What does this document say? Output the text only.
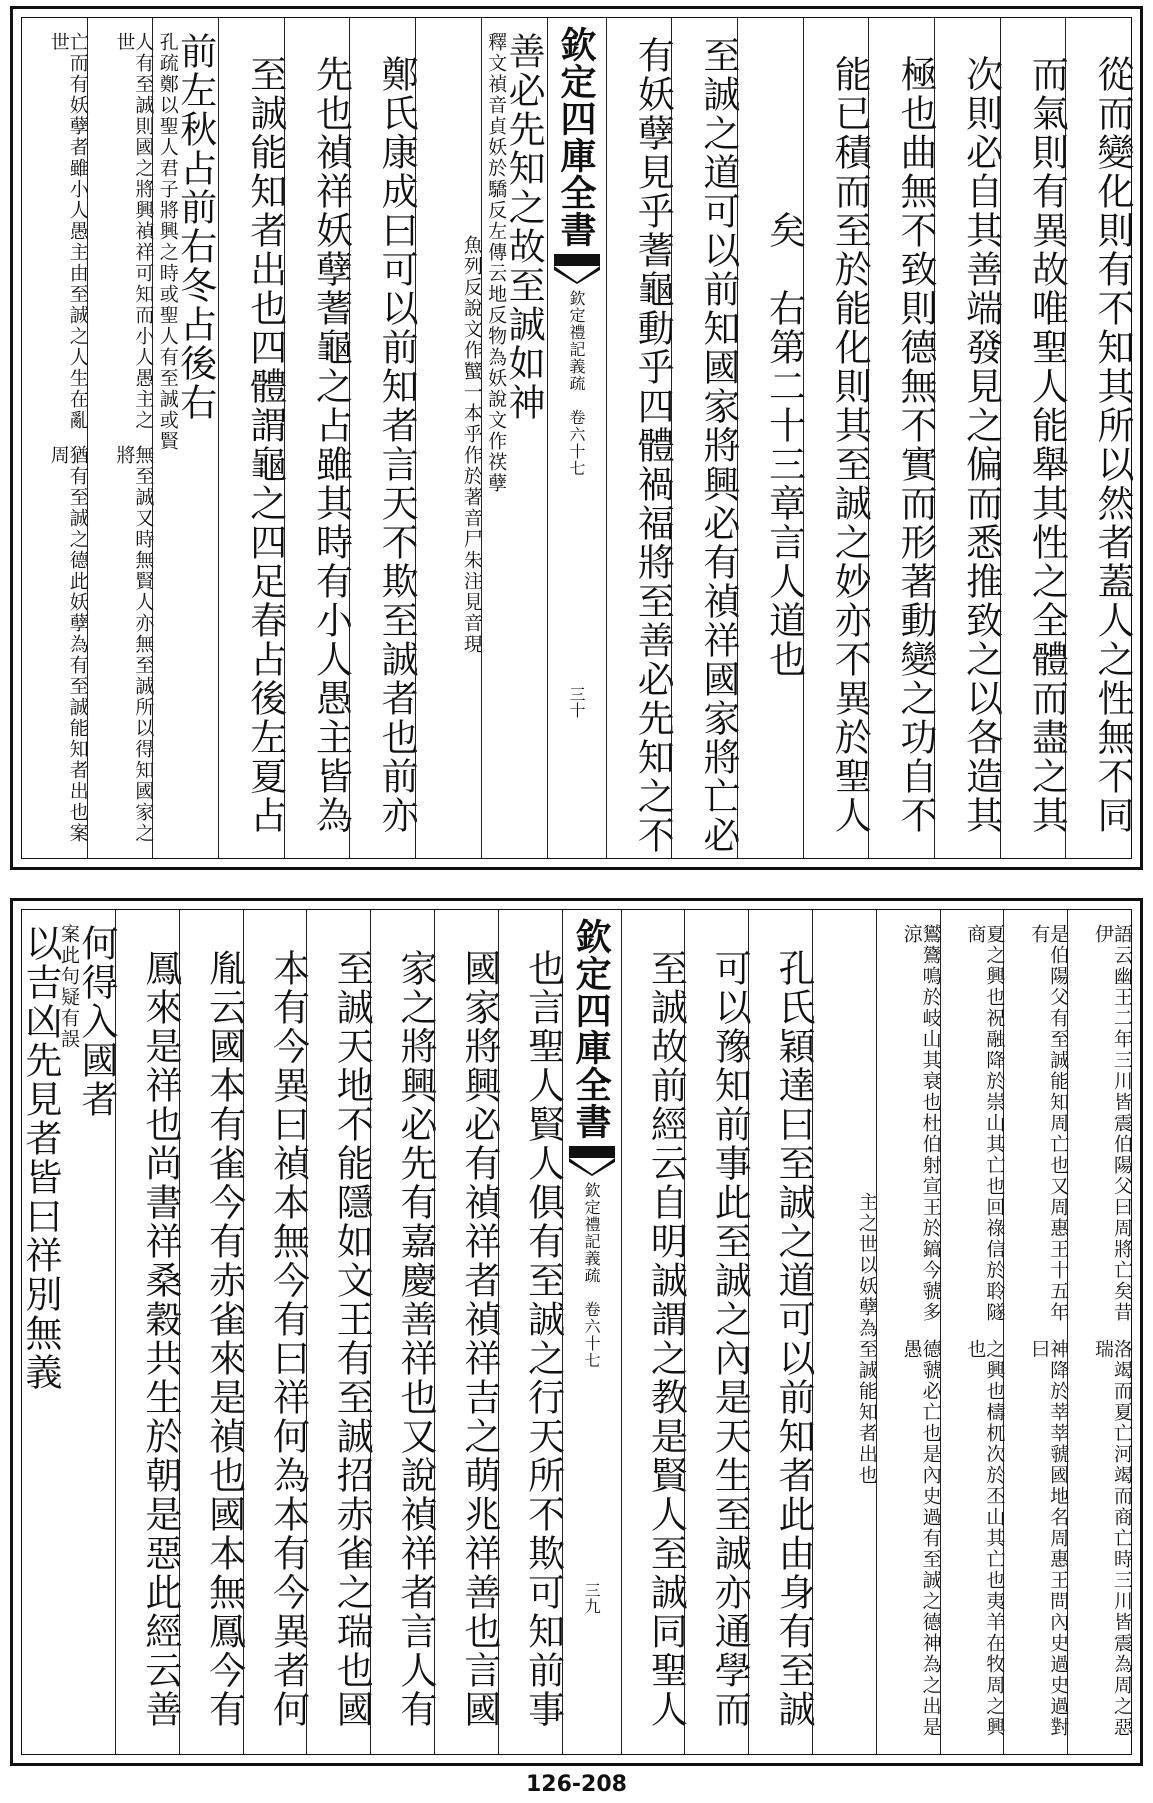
從而變化則有不知其所以然者蓋人之性無不同
而氣則有異故唯聖人能舉其性之全體而盡之其
次則必自其善端發見之偏而悉推致之以各造其
極也曲無不致則德無不實而形著動變之功自不
能已積而至於能化則其至誠之妙亦不異於聖人
矣　右第二十三章言人道也
至誠之道可以前知國家將興必有禎祥國家將亡必
有妖孽見乎蓍龜動乎四體禍福將至善必先知之不
欽定四庫全書
欽定禮記義疏　卷六十七
三十
善必先知之故至誠如神
釋文禎音貞妖於驕反左傳云地反物為妖說文作䄏孽
魚列反說文作蠥一本乎
作於著音尸朱注見音現
鄭氏康成曰可以前知者言天不欺至誠者也前亦
先也禎祥妖孽蓍龜之占雖其時有小人愚主皆為
至誠能知者出也四體謂龜之四足春占後左夏占
前左秋占前右冬占後右
孔疏鄭以聖人君子將興之時或聖人有至誠或賢
人有至誠則國之將興禎祥可知而小人愚主之世
無至誠又時無賢人亦無至誠所以得知國家之將
亡而有妖孽者雖小人愚主由至誠之人生在亂世
猶有至誠之德此妖孽為有至誠能知者出也案周
語云幽王二年三川皆震伯陽父曰周將亡矣昔伊
洛竭而夏亡河竭而商亡時三川皆震為周之惡瑞
是伯陽父有至誠能知周亡也又周惠王十五年有
神降於莘莘虢國地名周惠王問內史過史過對曰
夏之興也祝融降於崇山其亡也回祿信於聆隧商
之興也檮杌次於丕山其亡也夷羊在牧周之興也
鸑鷟鳴於岐山其衰也杜伯射宣王於鎬今虢多涼
德虢必亡也是內史過有至誠之德神為之出是愚
主之世以妖孽為
至誠能知者出也
孔氏穎達曰至誠之道可以前知者此由身有至誠
可以豫知前事此至誠之內是天生至誠亦通學而
至誠故前經云自明誠謂之教是賢人至誠同聖人
欽定四庫全書
欽定禮記義疏　卷六十七
三九
也言聖人賢人俱有至誠之行天所不欺可知前事
國家將興必有禎祥者禎祥吉之萌兆祥善也言國
家之將興必先有嘉慶善祥也又說禎祥者言人有
至誠天地不能隱如文王有至誠招赤雀之瑞也國
本有今異曰禎本無今有曰祥何為本有今異者何
胤云國本有雀今有赤雀來是禎也國本無鳳今有
鳳來是祥也尚書祥桑穀共生於朝是惡此經云善
何得入國者
案此句疑有誤
以吉凶先見者皆曰祥別無義
126-208
